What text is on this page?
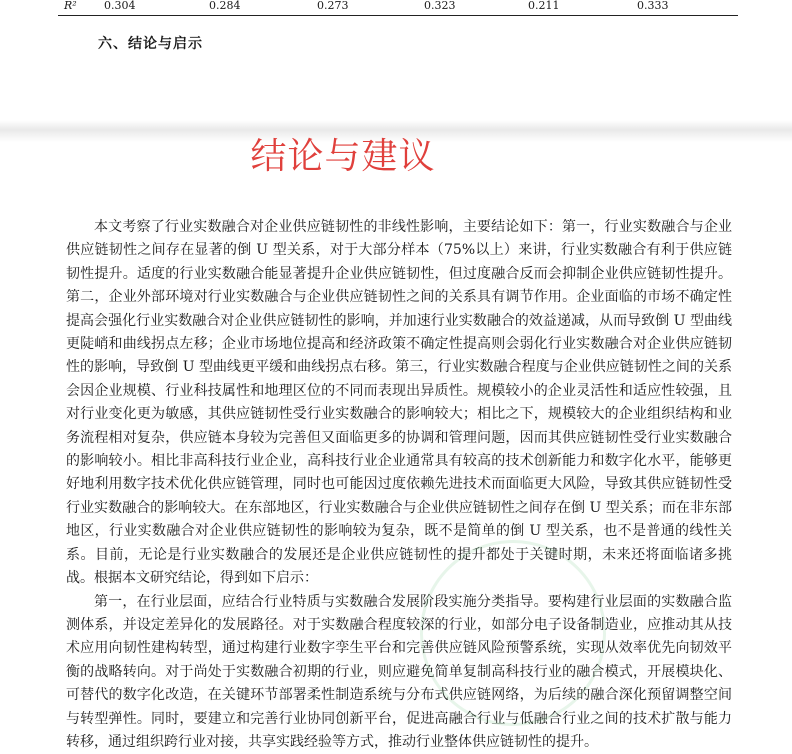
R² 0.304	0.284	0.273	0.323	0.211	0.333
六、结论与启示
结论与建议

本文考察了行业实数融合对企业供应链韧性的非线性影响，主要结论如下：第一，行业实数融合与企业供应链韧性之间存在显著的倒 U 型关系，对于大部分样本（75%以上）来讲，行业实数融合有利于供应链韧性提升。适度的行业实数融合能显著提升企业供应链韧性，但过度融合反而会抑制企业供应链韧性提升。第二，企业外部环境对行业实数融合与企业供应链韧性之间的关系具有调节作用。企业面临的市场不确定性提高会强化行业实数融合对企业供应链韧性的影响，并加速行业实数融合的效益递减，从而导致倒 U 型曲线更陡峭和曲线拐点左移；企业市场地位提高和经济政策不确定性提高则会弱化行业实数融合对企业供应链韧性的影响，导致倒 U 型曲线更平缓和曲线拐点右移。第三，行业实数融合程度与企业供应链韧性之间的关系会因企业规模、行业科技属性和地理区位的不同而表现出异质性。规模较小的企业灵活性和适应性较强，且对行业变化更为敏感，其供应链韧性受行业实数融合的影响较大；相比之下，规模较大的企业组织结构和业务流程相对复杂，供应链本身较为完善但又面临更多的协调和管理问题，因而其供应链韧性受行业实数融合的影响较小。相比非高科技行业企业，高科技行业企业通常具有较高的技术创新能力和数字化水平，能够更好地利用数字技术优化供应链管理，同时也可能因过度依赖先进技术而面临更大风险，导致其供应链韧性受行业实数融合的影响较大。在东部地区，行业实数融合与企业供应链韧性之间存在倒 U 型关系；而在非东部地区，行业实数融合对企业供应链韧性的影响较为复杂，既不是简单的倒 U 型关系，也不是普通的线性关系。目前，无论是行业实数融合的发展还是企业供应链韧性的提升都处于关键时期，未来还将面临诸多挑战。根据本文研究结论，得到如下启示：

第一，在行业层面，应结合行业特质与实数融合发展阶段实施分类指导。要构建行业层面的实数融合监测体系，并设定差异化的发展路径。对于实数融合程度较深的行业，如部分电子设备制造业，应推动其从技术应用向韧性建构转型，通过构建行业数字孪生平台和完善供应链风险预警系统，实现从效率优先向韧效平衡的战略转向。对于尚处于实数融合初期的行业，则应避免简单复制高科技行业的融合模式，开展模块化、可替代的数字化改造，在关键环节部署柔性制造系统与分布式供应链网络，为后续的融合深化预留调整空间与转型弹性。同时，要建立和完善行业协同创新平台，促进高融合行业与低融合行业之间的技术扩散与能力转移，通过组织跨行业对接，共享实践经验等方式，推动行业整体供应链韧性的提升。
